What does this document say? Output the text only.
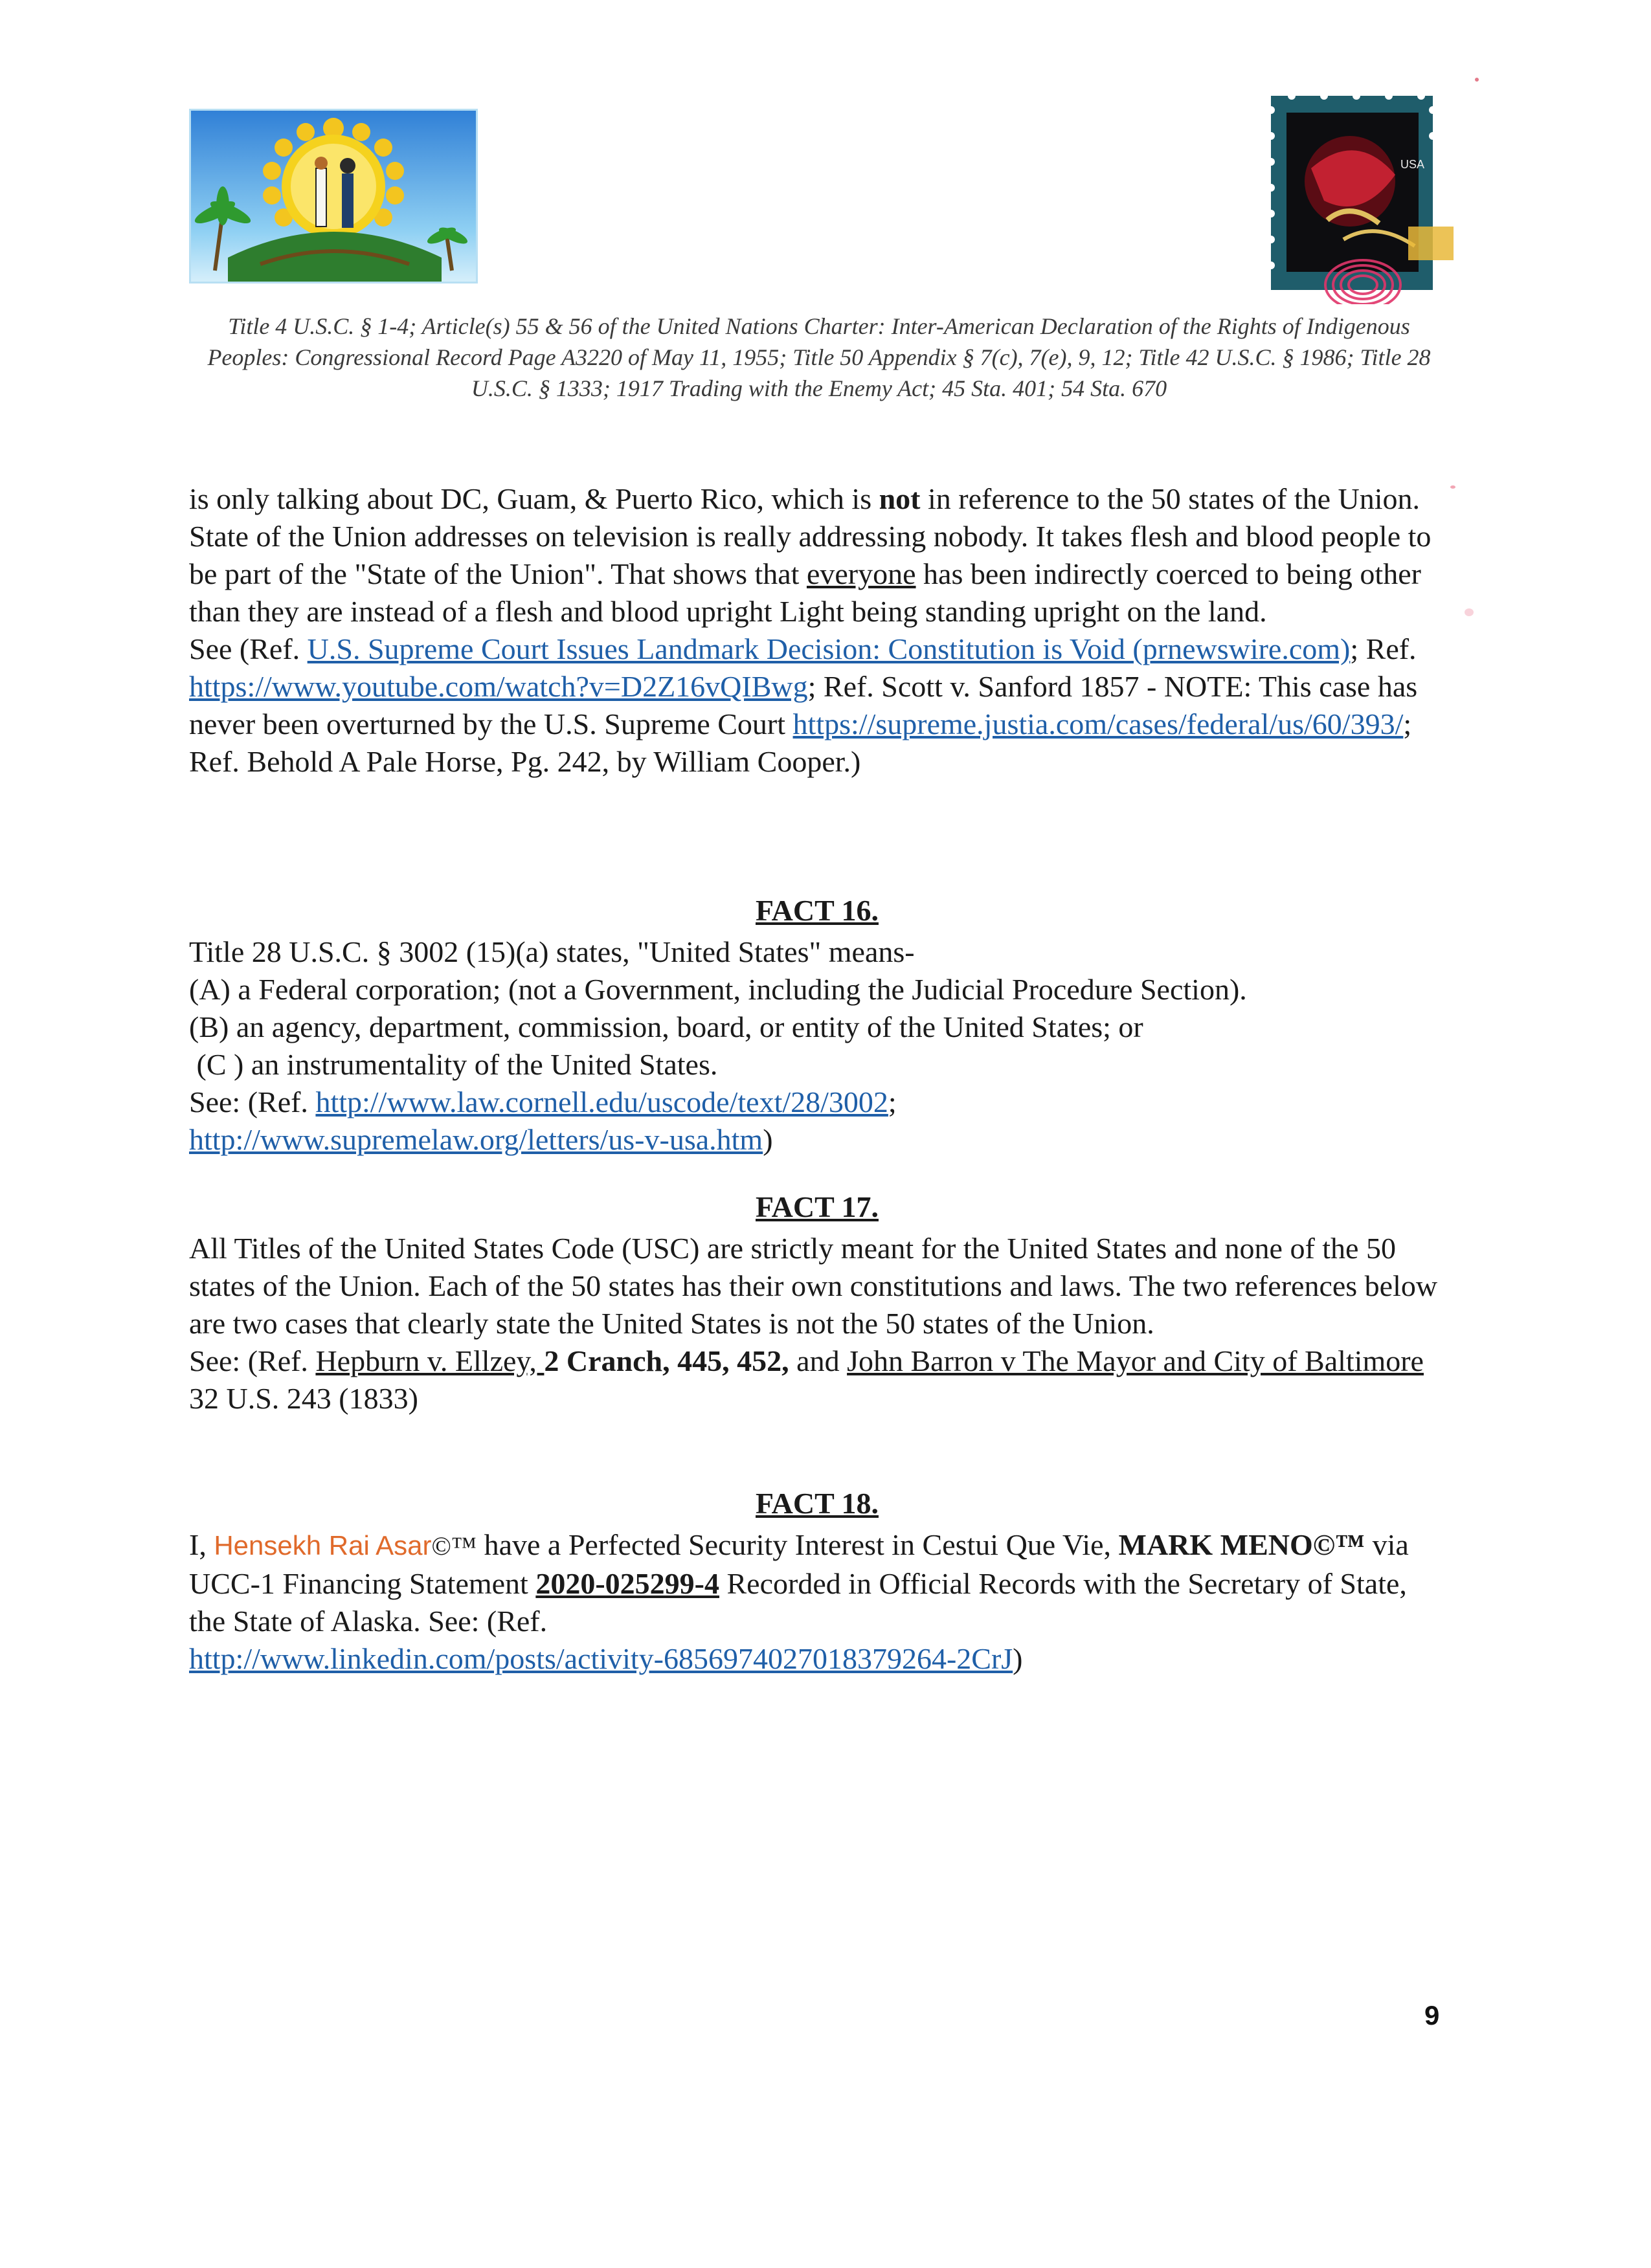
USA
Title 4 U.S.C. § 1-4; Article(s) 55 & 56 of the United Nations Charter: Inter-American Declaration of the Rights of Indigenous Peoples: Congressional Record Page A3220 of May 11, 1955; Title 50 Appendix § 7(c), 7(e), 9, 12; Title 42 U.S.C. § 1986; Title 28 U.S.C. § 1333; 1917 Trading with the Enemy Act; 45 Sta. 401; 54 Sta. 670

is only talking about DC, Guam, & Puerto Rico, which is not in reference to the 50 states of the Union. State of the Union addresses on television is really addressing nobody. It takes flesh and blood people to be part of the "State of the Union". That shows that everyone has been indirectly coerced to being other than they are instead of a flesh and blood upright Light being standing upright on the land.

See (Ref. U.S. Supreme Court Issues Landmark Decision: Constitution is Void (prnewswire.com); Ref. https://www.youtube.com/watch?v=D2Z16vQIBwg; Ref. Scott v. Sanford 1857 - NOTE: This case has never been overturned by the U.S. Supreme Court https://supreme.justia.com/cases/federal/us/60/393/; Ref. Behold A Pale Horse, Pg. 242, by William Cooper.)

FACT 16.

Title 28 U.S.C. § 3002 (15)(a) states, "United States" means-

(A) a Federal corporation; (not a Government, including the Judicial Procedure Section).

(B) an agency, department, commission, board, or entity of the United States; or

(C ) an instrumentality of the United States.

See: (Ref. http://www.law.cornell.edu/uscode/text/28/3002;
http://www.supremelaw.org/letters/us-v-usa.htm)

FACT 17.

All Titles of the United States Code (USC) are strictly meant for the United States and none of the 50 states of the Union. Each of the 50 states has their own constitutions and laws. The two references below are two cases that clearly state the United States is not the 50 states of the Union.

See: (Ref. Hepburn v. Ellzey, 2 Cranch, 445, 452, and John Barron v The Mayor and City of Baltimore 32 U.S. 243 (1833)

FACT 18.

I, Hensekh Rai Asar©™ have a Perfected Security Interest in Cestui Que Vie, MARK MENO©™ via UCC-1 Financing Statement 2020-025299-4 Recorded in Official Records with the Secretary of State, the State of Alaska. See: (Ref.
http://www.linkedin.com/posts/activity-6856974027018379264-2CrJ)

9
